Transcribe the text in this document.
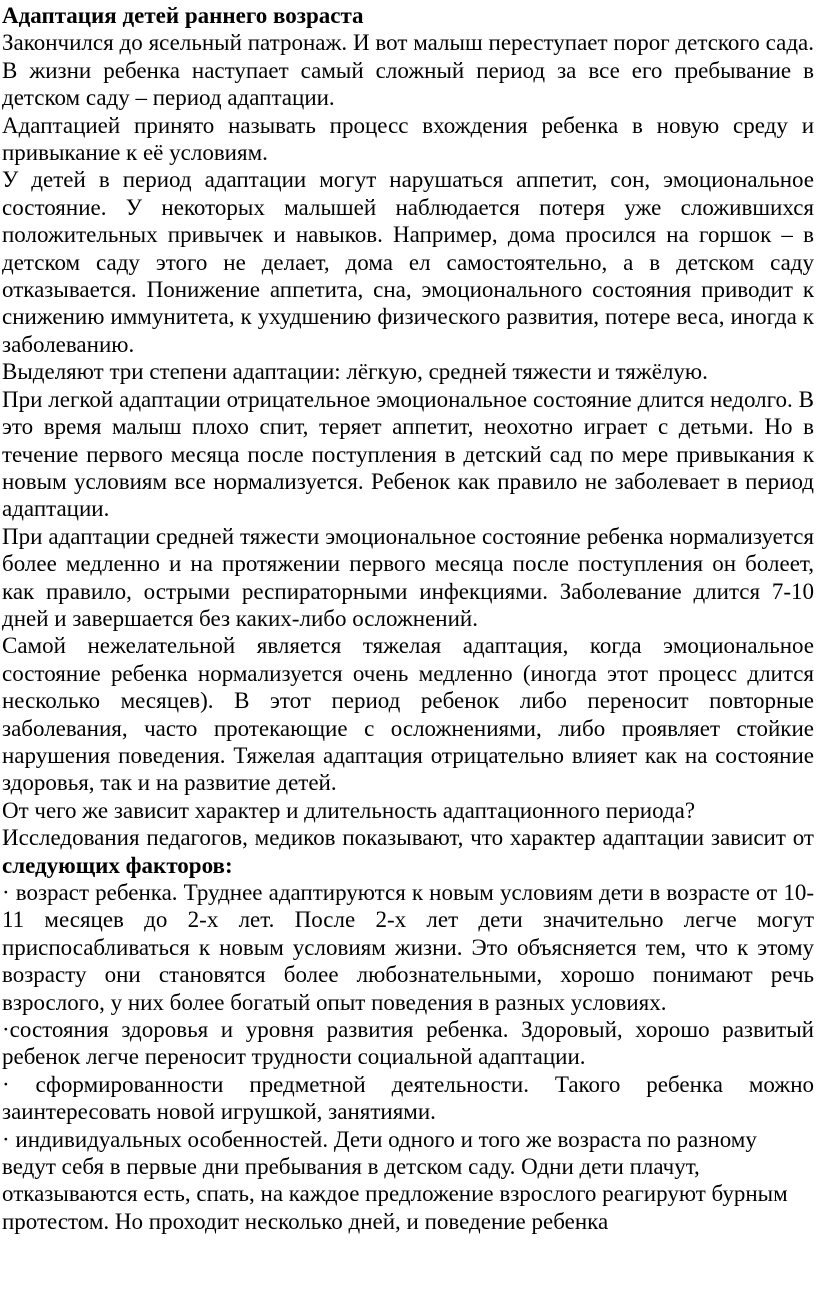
Адаптация детей раннего возраста

Закончился до ясельный патронаж. И вот малыш переступает порог детского сада. В жизни ребенка наступает самый сложный период за все его пребывание в детском саду – период адаптации.

Адаптацией принято называть процесс вхождения ребенка в новую среду и привыкание к её условиям.

У детей в период адаптации могут нарушаться аппетит, сон, эмоциональное состояние. У некоторых малышей наблюдается потеря уже сложившихся положительных привычек и навыков. Например, дома просился на горшок – в детском саду этого не делает, дома ел самостоятельно, а в детском саду отказывается. Понижение аппетита, сна, эмоционального состояния приводит к снижению иммунитета, к ухудшению физического развития, потере веса, иногда к заболеванию.

Выделяют три степени адаптации: лёгкую, средней тяжести и тяжёлую.

При легкой адаптации отрицательное эмоциональное состояние длится недолго. В это время малыш плохо спит, теряет аппетит, неохотно играет с детьми. Но в течение первого месяца после поступления в детский сад по мере привыкания к новым условиям все нормализуется. Ребенок как правило не заболевает в период адаптации.

При адаптации средней тяжести эмоциональное состояние ребенка нормализуется более медленно и на протяжении первого месяца после поступления он болеет, как правило, острыми респираторными инфекциями. Заболевание длится 7-10 дней и завершается без каких-либо осложнений.

Самой нежелательной является тяжелая адаптация, когда эмоциональное состояние ребенка нормализуется очень медленно (иногда этот процесс длится несколько месяцев). В этот период ребенок либо переносит повторные заболевания, часто протекающие с осложнениями, либо проявляет стойкие нарушения поведения. Тяжелая адаптация отрицательно влияет как на состояние здоровья, так и на развитие детей.

От чего же зависит характер и длительность адаптационного периода?

Исследования педагогов, медиков показывают, что характер адаптации зависит от следующих факторов:

· возраст ребенка. Труднее адаптируются к новым условиям дети в возрасте от 10-11 месяцев до 2-х лет. После 2-х лет дети значительно легче могут приспосабливаться к новым условиям жизни. Это объясняется тем, что к этому возрасту они становятся более любознательными, хорошо понимают речь взрослого, у них более богатый опыт поведения в разных условиях.

·состояния здоровья и уровня развития ребенка. Здоровый, хорошо развитый ребенок легче переносит трудности социальной адаптации.

· сформированности предметной деятельности. Такого ребенка можно заинтересовать новой игрушкой, занятиями.

· индивидуальных особенностей. Дети одного и того же возраста по разному ведут себя в первые дни пребывания в детском саду. Одни дети плачут, отказываются есть, спать, на каждое предложение взрослого реагируют бурным протестом. Но проходит несколько дней, и поведение ребенка
